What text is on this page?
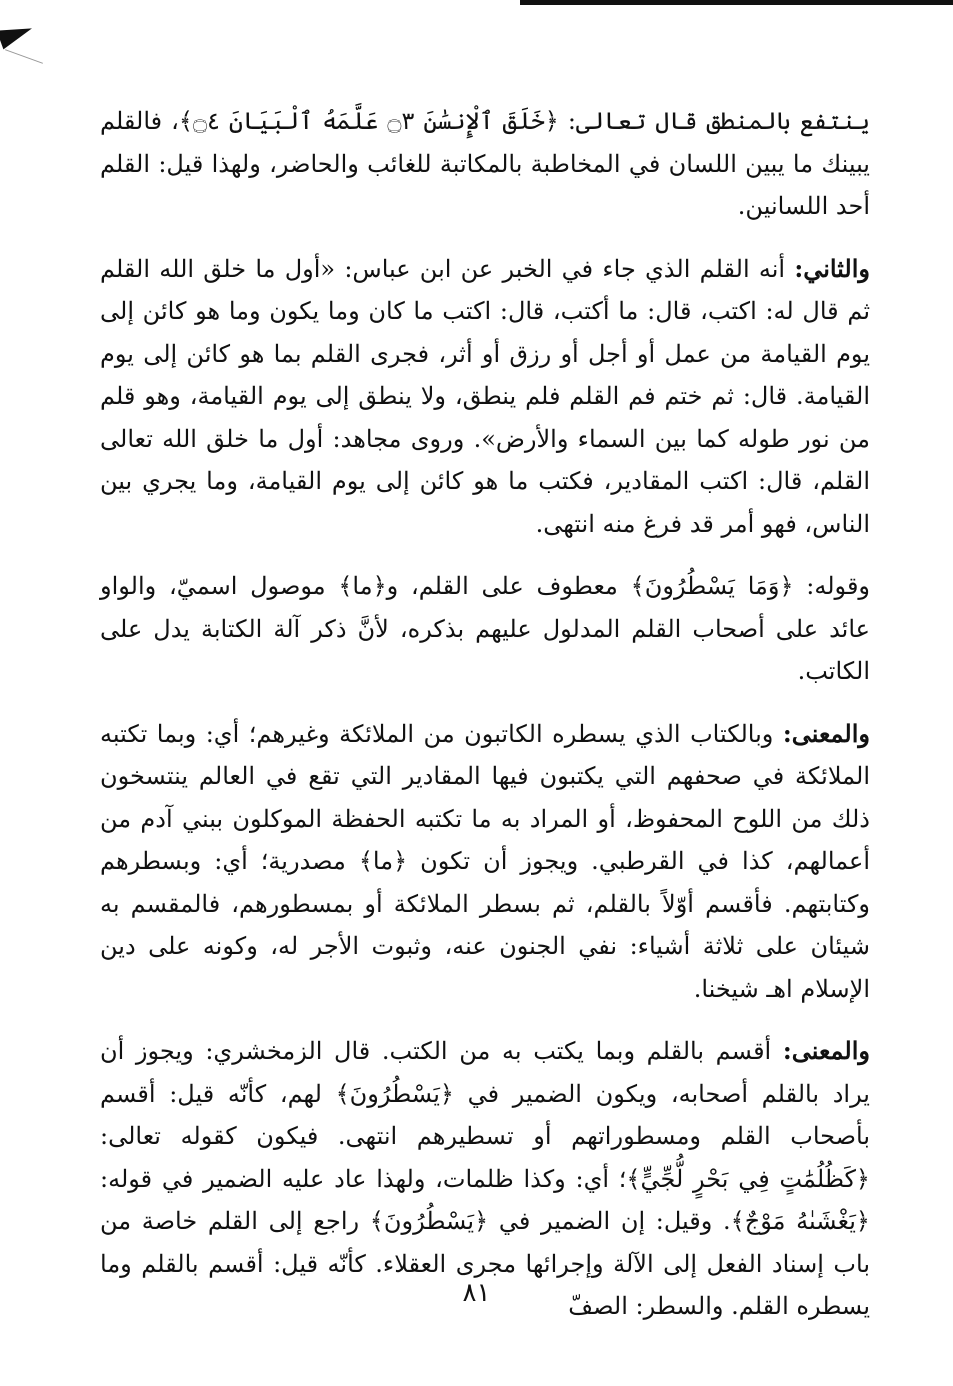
ينتفع بالمنطق قال تعالى: ﴿خَلَقَ ٱلْإِنسَٰنَ ۝٣ عَلَّمَهُ ٱلْبَيَانَ ۝٤﴾، فالقلم يبينك ما يبين اللسان في المخاطبة بالمكاتبة للغائب والحاضر، ولهذا قيل: القلم أحد اللسانين.

والثاني: أنه القلم الذي جاء في الخبر عن ابن عباس: «أول ما خلق الله القلم ثم قال له: اكتب، قال: ما أكتب، قال: اكتب ما كان وما يكون وما هو كائن إلى يوم القيامة من عمل أو أجل أو رزق أو أثر، فجرى القلم بما هو كائن إلى يوم القيامة. قال: ثم ختم فم القلم فلم ينطق، ولا ينطق إلى يوم القيامة، وهو قلم من نور طوله كما بين السماء والأرض». وروى مجاهد: أول ما خلق الله تعالى القلم، قال: اكتب المقادير، فكتب ما هو كائن إلى يوم القيامة، وما يجري بين الناس، فهو أمر قد فرغ منه انتهى.

وقوله: ﴿وَمَا يَسْطُرُونَ﴾ معطوف على القلم، و﴿ما﴾ موصول اسميّ، والواو عائد على أصحاب القلم المدلول عليهم بذكره، لأنَّ ذكر آلة الكتابة يدل على الكاتب.

والمعنى: وبالكتاب الذي يسطره الكاتبون من الملائكة وغيرهم؛ أي: وبما تكتبه الملائكة في صحفهم التي يكتبون فيها المقادير التي تقع في العالم ينتسخون ذلك من اللوح المحفوظ، أو المراد به ما تكتبه الحفظة الموكلون ببني آدم من أعمالهم، كذا في القرطبي. ويجوز أن تكون ﴿ما﴾ مصدرية؛ أي: وبسطرهم وكتابتهم. فأقسم أوّلاً بالقلم، ثم بسطر الملائكة أو بمسطورهم، فالمقسم به شيئان على ثلاثة أشياء: نفي الجنون عنه، وثبوت الأجر له، وكونه على دين الإسلام اهـ شيخنا.

والمعنى: أقسم بالقلم وبما يكتب به من الكتب. قال الزمخشري: ويجوز أن يراد بالقلم أصحابه، ويكون الضمير في ﴿يَسْطُرُونَ﴾ لهم، كأنّه قيل: أقسم بأصحاب القلم ومسطوراتهم أو تسطيرهم انتهى. فيكون كقوله تعالى: ﴿كَظُلُمَٰتٍ فِي بَحْرٍ لُّجِّيٍّ﴾؛ أي: وكذا ظلمات، ولهذا عاد عليه الضمير في قوله: ﴿يَغْشَىٰهُ مَوْجٌ﴾. وقيل: إن الضمير في ﴿يَسْطُرُونَ﴾ راجع إلى القلم خاصة من باب إسناد الفعل إلى الآلة وإجرائها مجرى العقلاء. كأنّه قيل: أقسم بالقلم وما يسطره القلم. والسطر: الصفّ

٨١
